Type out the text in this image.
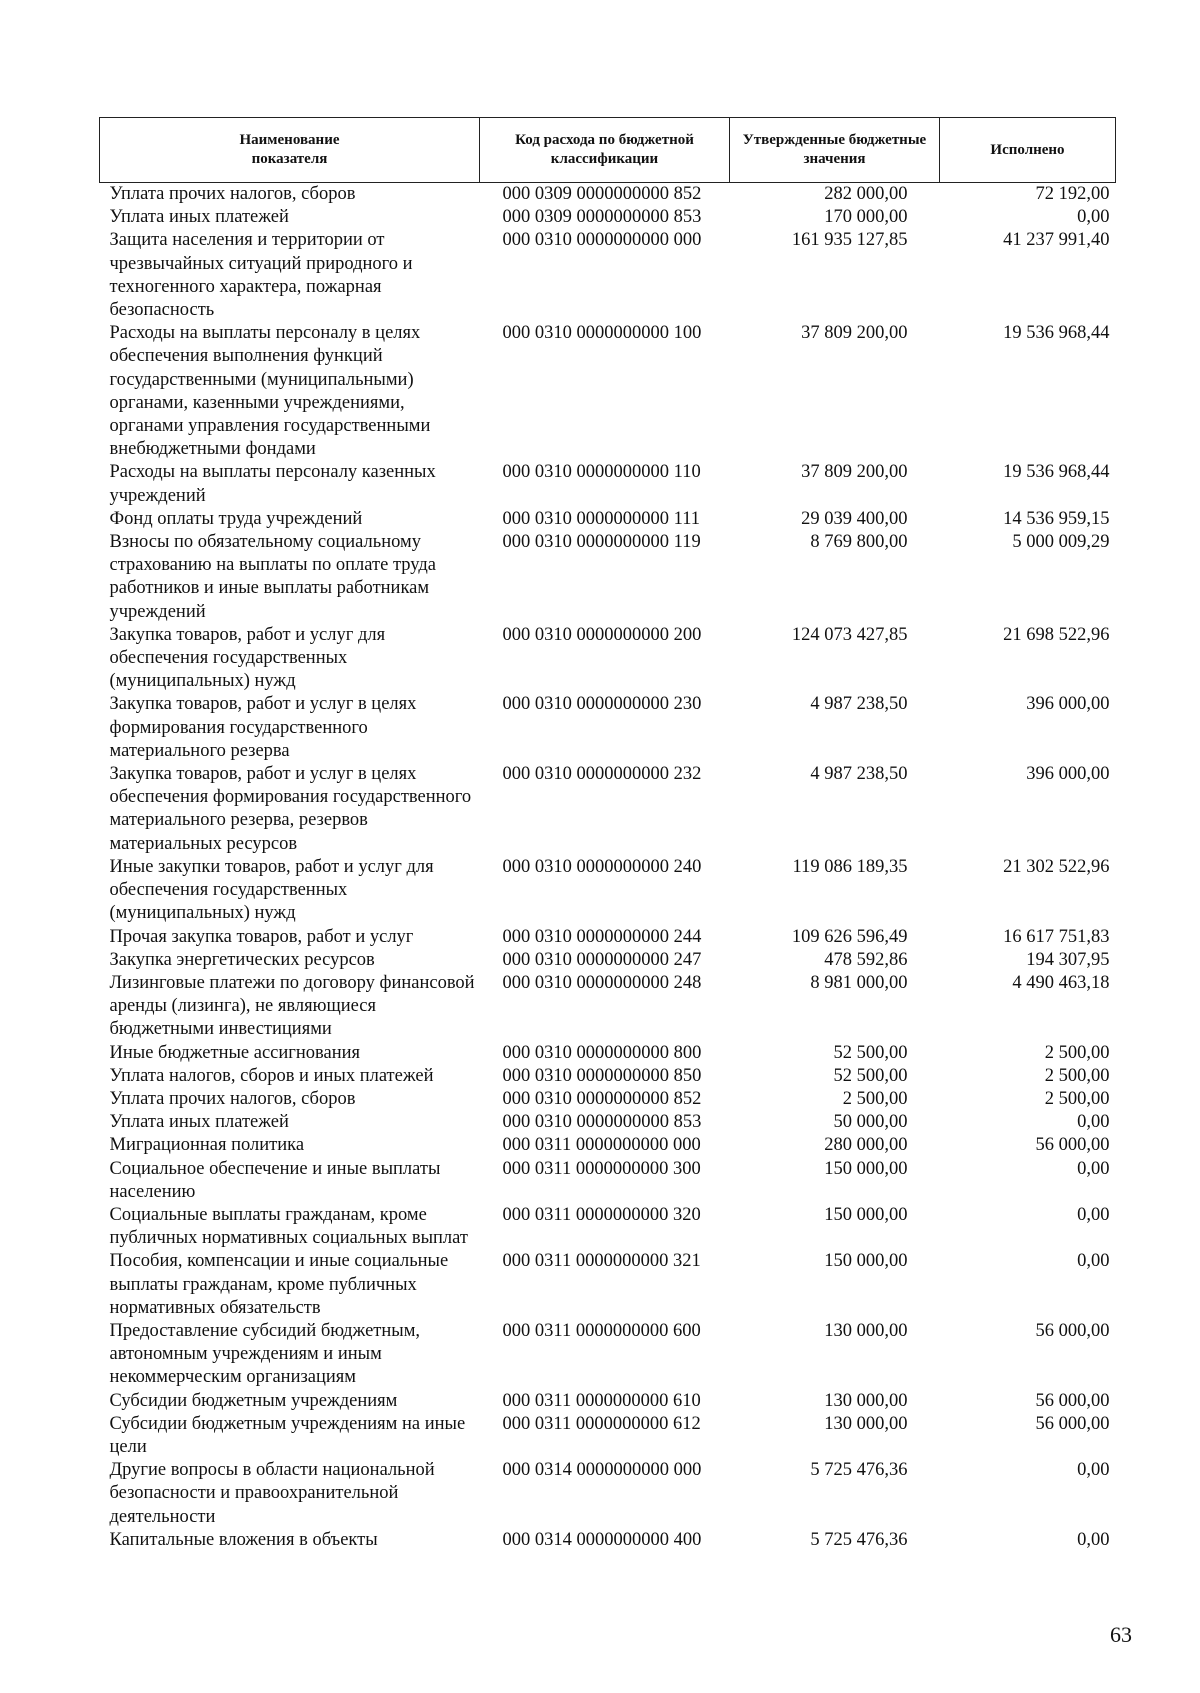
Наименование
показателя	Код расхода по бюджетной классификации	Утвержденные бюджетные значения	Исполнено
Уплата прочих налогов, сборов	000 0309 0000000000 852	282 000,00	72 192,00
Уплата иных платежей	000 0309 0000000000 853	170 000,00	0,00
Защита населения и территории от чрезвычайных ситуаций природного и техногенного характера, пожарная безопасность	000 0310 0000000000 000	161 935 127,85	41 237 991,40
Расходы на выплаты персоналу в целях обеспечения выполнения функций государственными (муниципальными) органами, казенными учреждениями, органами управления государственными внебюджетными фондами	000 0310 0000000000 100	37 809 200,00	19 536 968,44
Расходы на выплаты персоналу казенных учреждений	000 0310 0000000000 110	37 809 200,00	19 536 968,44
Фонд оплаты труда учреждений	000 0310 0000000000 111	29 039 400,00	14 536 959,15
Взносы по обязательному социальному страхованию на выплаты по оплате труда работников и иные выплаты работникам учреждений	000 0310 0000000000 119	8 769 800,00	5 000 009,29
Закупка товаров, работ и услуг для обеспечения государственных (муниципальных) нужд	000 0310 0000000000 200	124 073 427,85	21 698 522,96
Закупка товаров, работ и услуг в целях формирования государственного материального резерва	000 0310 0000000000 230	4 987 238,50	396 000,00
Закупка товаров, работ и услуг в целях обеспечения формирования государственного материального резерва, резервов материальных ресурсов	000 0310 0000000000 232	4 987 238,50	396 000,00
Иные закупки товаров, работ и услуг для обеспечения государственных (муниципальных) нужд	000 0310 0000000000 240	119 086 189,35	21 302 522,96
Прочая закупка товаров, работ и услуг	000 0310 0000000000 244	109 626 596,49	16 617 751,83
Закупка энергетических ресурсов	000 0310 0000000000 247	478 592,86	194 307,95
Лизинговые платежи по договору финансовой аренды (лизинга), не являющиеся бюджетными инвестициями	000 0310 0000000000 248	8 981 000,00	4 490 463,18
Иные бюджетные ассигнования	000 0310 0000000000 800	52 500,00	2 500,00
Уплата налогов, сборов и иных платежей	000 0310 0000000000 850	52 500,00	2 500,00
Уплата прочих налогов, сборов	000 0310 0000000000 852	2 500,00	2 500,00
Уплата иных платежей	000 0310 0000000000 853	50 000,00	0,00
Миграционная политика	000 0311 0000000000 000	280 000,00	56 000,00
Социальное обеспечение и иные выплаты населению	000 0311 0000000000 300	150 000,00	0,00
Социальные выплаты гражданам, кроме публичных нормативных социальных выплат	000 0311 0000000000 320	150 000,00	0,00
Пособия, компенсации и иные социальные выплаты гражданам, кроме публичных нормативных обязательств	000 0311 0000000000 321	150 000,00	0,00
Предоставление субсидий бюджетным, автономным учреждениям и иным некоммерческим организациям	000 0311 0000000000 600	130 000,00	56 000,00
Субсидии бюджетным учреждениям	000 0311 0000000000 610	130 000,00	56 000,00
Субсидии бюджетным учреждениям на иные цели	000 0311 0000000000 612	130 000,00	56 000,00
Другие вопросы в области национальной безопасности и правоохранительной деятельности	000 0314 0000000000 000	5 725 476,36	0,00
Капитальные вложения в объекты	000 0314 0000000000 400	5 725 476,36	0,00
63
